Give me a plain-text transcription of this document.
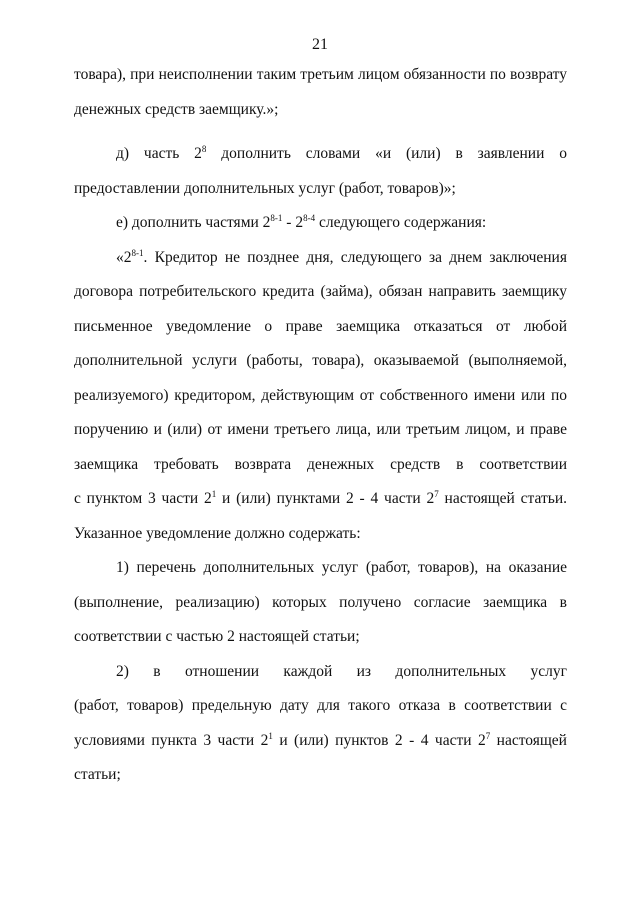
21
товара), при неисполнении таким третьим лицом обязанности по возврату
денежных средств заемщику.»;
д) часть $2^8$ дополнить словами «и (или) в заявлении о
предоставлении дополнительных услуг (работ, товаров)»;
е) дополнить частями 2$^{8-1}$ - 2$^{8-4}$ следующего содержания:
«2$^{8-1}$. Кредитор не позднее дня, следующего за днем заключения
договора потребительского кредита (займа), обязан направить заемщику
письменное уведомление о праве заемщика отказаться от любой
дополнительной услуги (работы, товара), оказываемой (выполняемой,
реализуемого) кредитором, действующим от собственного имени или по
поручению и (или) от имени третьего лица, или третьим лицом, и праве
заемщика требовать возврата денежных средств в соответствии
с пунктом 3 части $2^1$ и (или) пунктами 2 - 4 части $2^7$ настоящей статьи.
Указанное уведомление должно содержать:
1) перечень дополнительных услуг (работ, товаров), на оказание
(выполнение, реализацию) которых получено согласие заемщика в
соответствии с частью 2 настоящей статьи;
2) в отношении каждой из дополнительных услуг
(работ, товаров) предельную дату для такого отказа в соответствии с
условиями пункта 3 части $2^1$ и (или) пунктов 2 - 4 части $2^7$ настоящей
статьи;
